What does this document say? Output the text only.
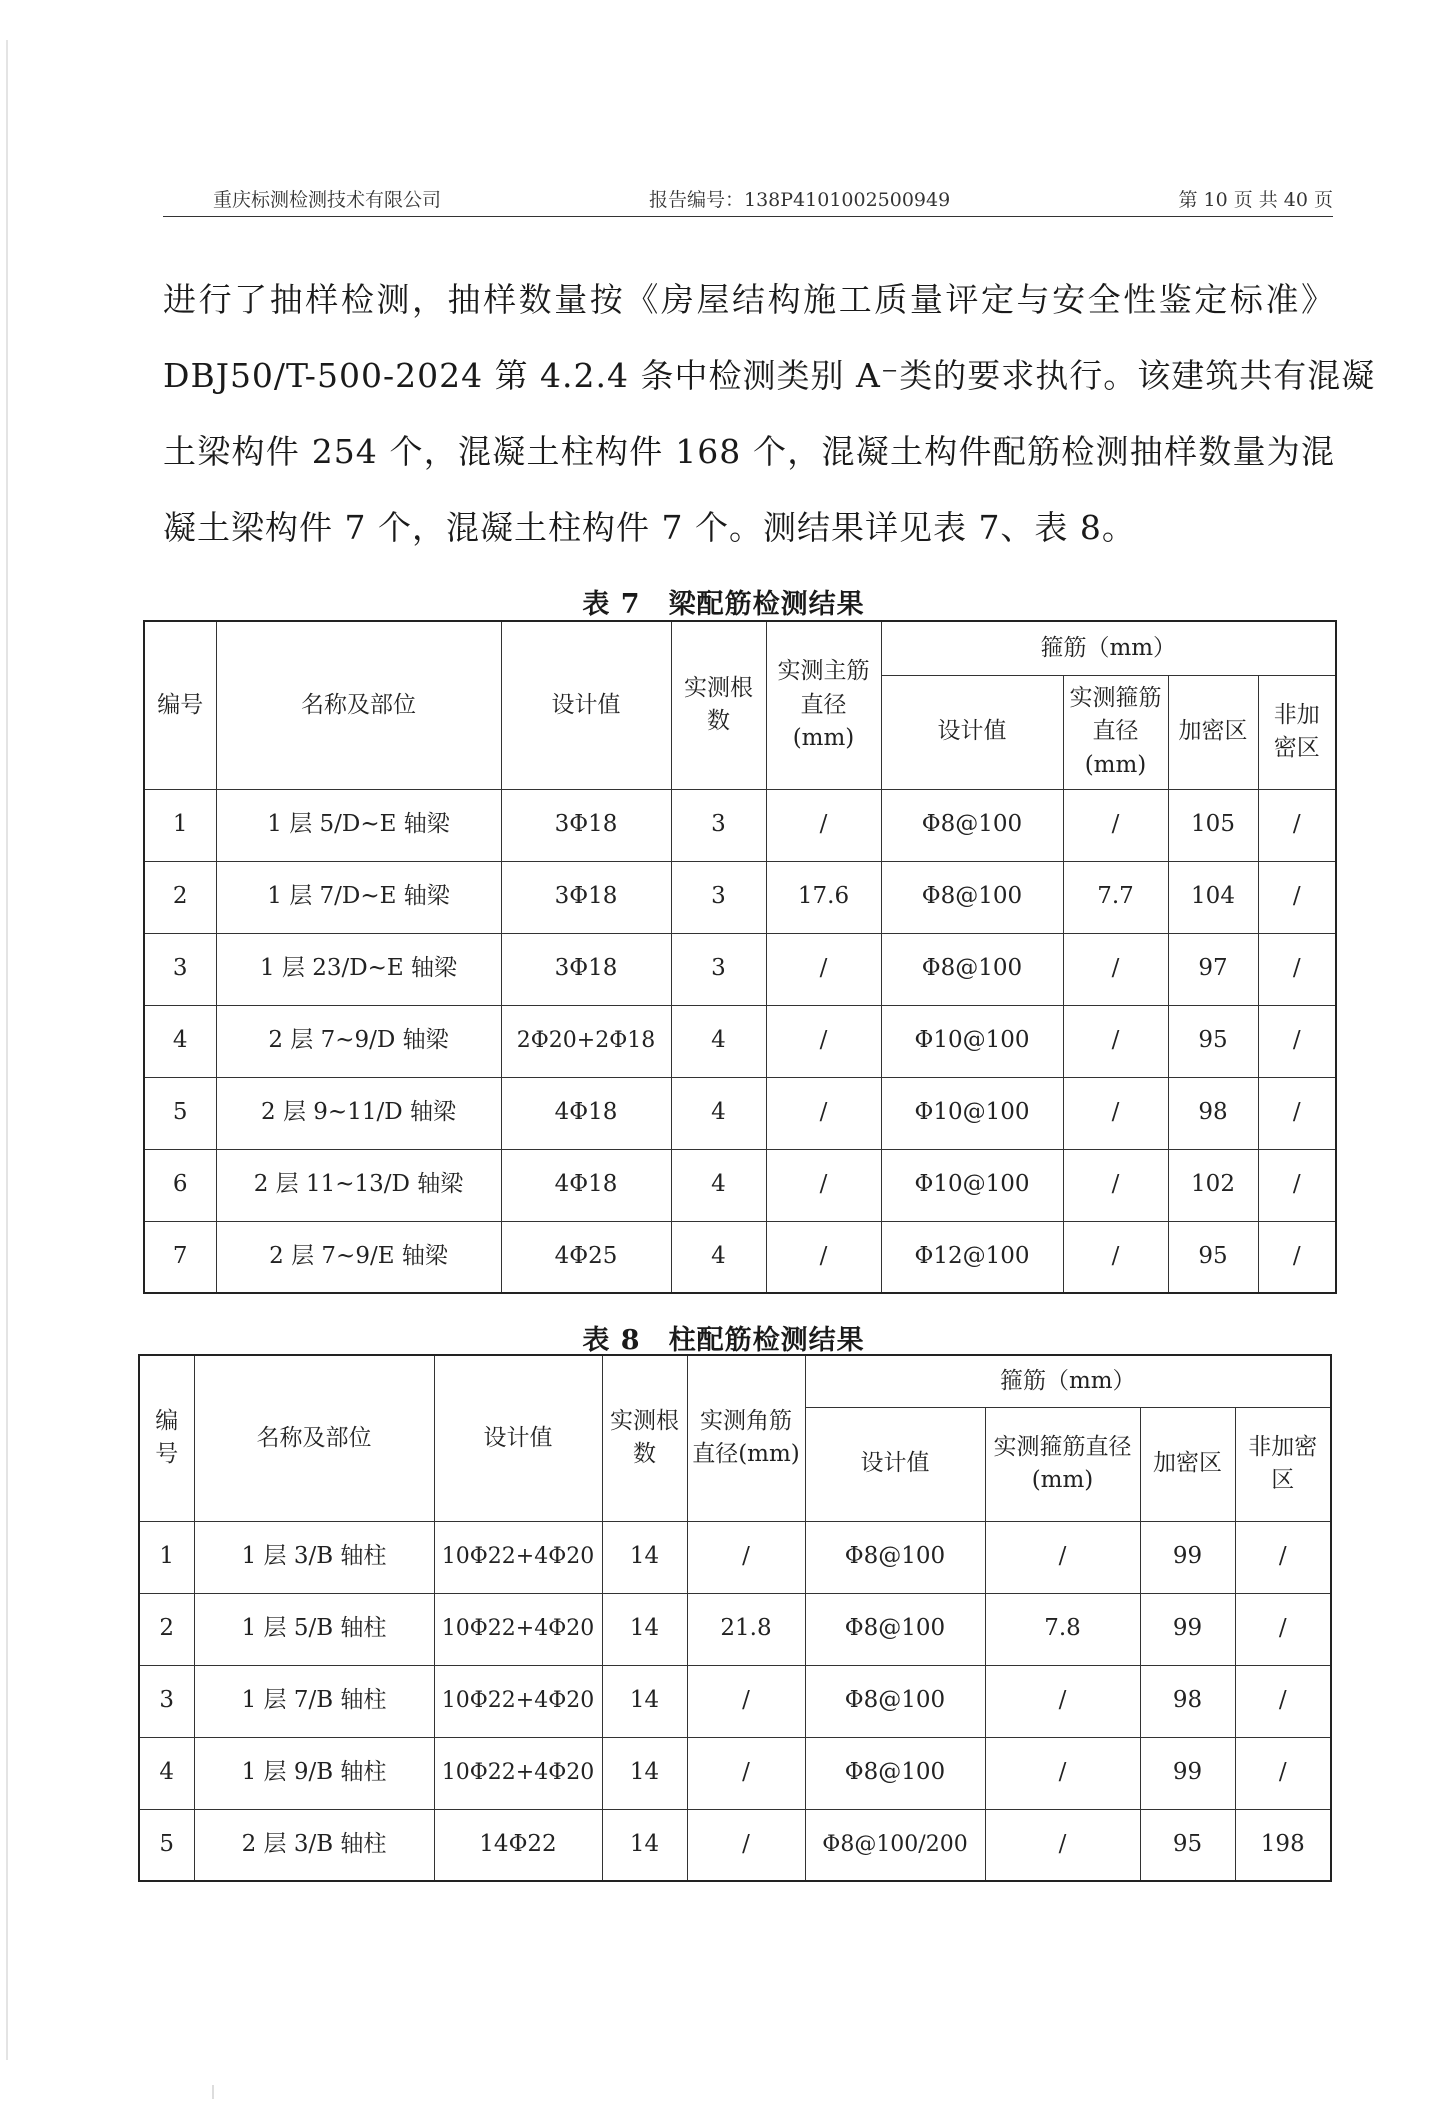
重庆标测检测技术有限公司	报告编号：138P4101002500949	第 10 页 共 40 页
进行了抽样检测，抽样数量按《房屋结构施工质量评定与安全性鉴定标准》
DBJ50/T-500-2024 第 4.2.4 条中检测类别 A⁻类的要求执行。该建筑共有混凝
土梁构件 254 个，混凝土柱构件 168 个，混凝土构件配筋检测抽样数量为混
凝土梁构件 7 个，混凝土柱构件 7 个。测结果详见表 7、表 8。
表 7　梁配筋检测结果
编号	名称及部位	设计值	实测根数	实测主筋直径(mm)	箍筋（mm）			
					设计值	实测箍筋直径(mm)	加密区	非加密区
1	1 层 5/D~E 轴梁	3Φ18	3	/	Φ8@100	/	105	/
2	1 层 7/D~E 轴梁	3Φ18	3	17.6	Φ8@100	7.7	104	/
3	1 层 23/D~E 轴梁	3Φ18	3	/	Φ8@100	/	97	/
4	2 层 7~9/D 轴梁	2Φ20+2Φ18	4	/	Φ10@100	/	95	/
5	2 层 9~11/D 轴梁	4Φ18	4	/	Φ10@100	/	98	/
6	2 层 11~13/D 轴梁	4Φ18	4	/	Φ10@100	/	102	/
7	2 层 7~9/E 轴梁	4Φ25	4	/	Φ12@100	/	95	/
表 8　柱配筋检测结果
编号	名称及部位	设计值	实测根数	实测角筋直径(mm)	箍筋（mm）			
					设计值	实测箍筋直径(mm)	加密区	非加密区
1	1 层 3/B 轴柱	10Φ22+4Φ20	14	/	Φ8@100	/	99	/
2	1 层 5/B 轴柱	10Φ22+4Φ20	14	21.8	Φ8@100	7.8	99	/
3	1 层 7/B 轴柱	10Φ22+4Φ20	14	/	Φ8@100	/	98	/
4	1 层 9/B 轴柱	10Φ22+4Φ20	14	/	Φ8@100	/	99	/
5	2 层 3/B 轴柱	14Φ22	14	/	Φ8@100/200	/	95	198
